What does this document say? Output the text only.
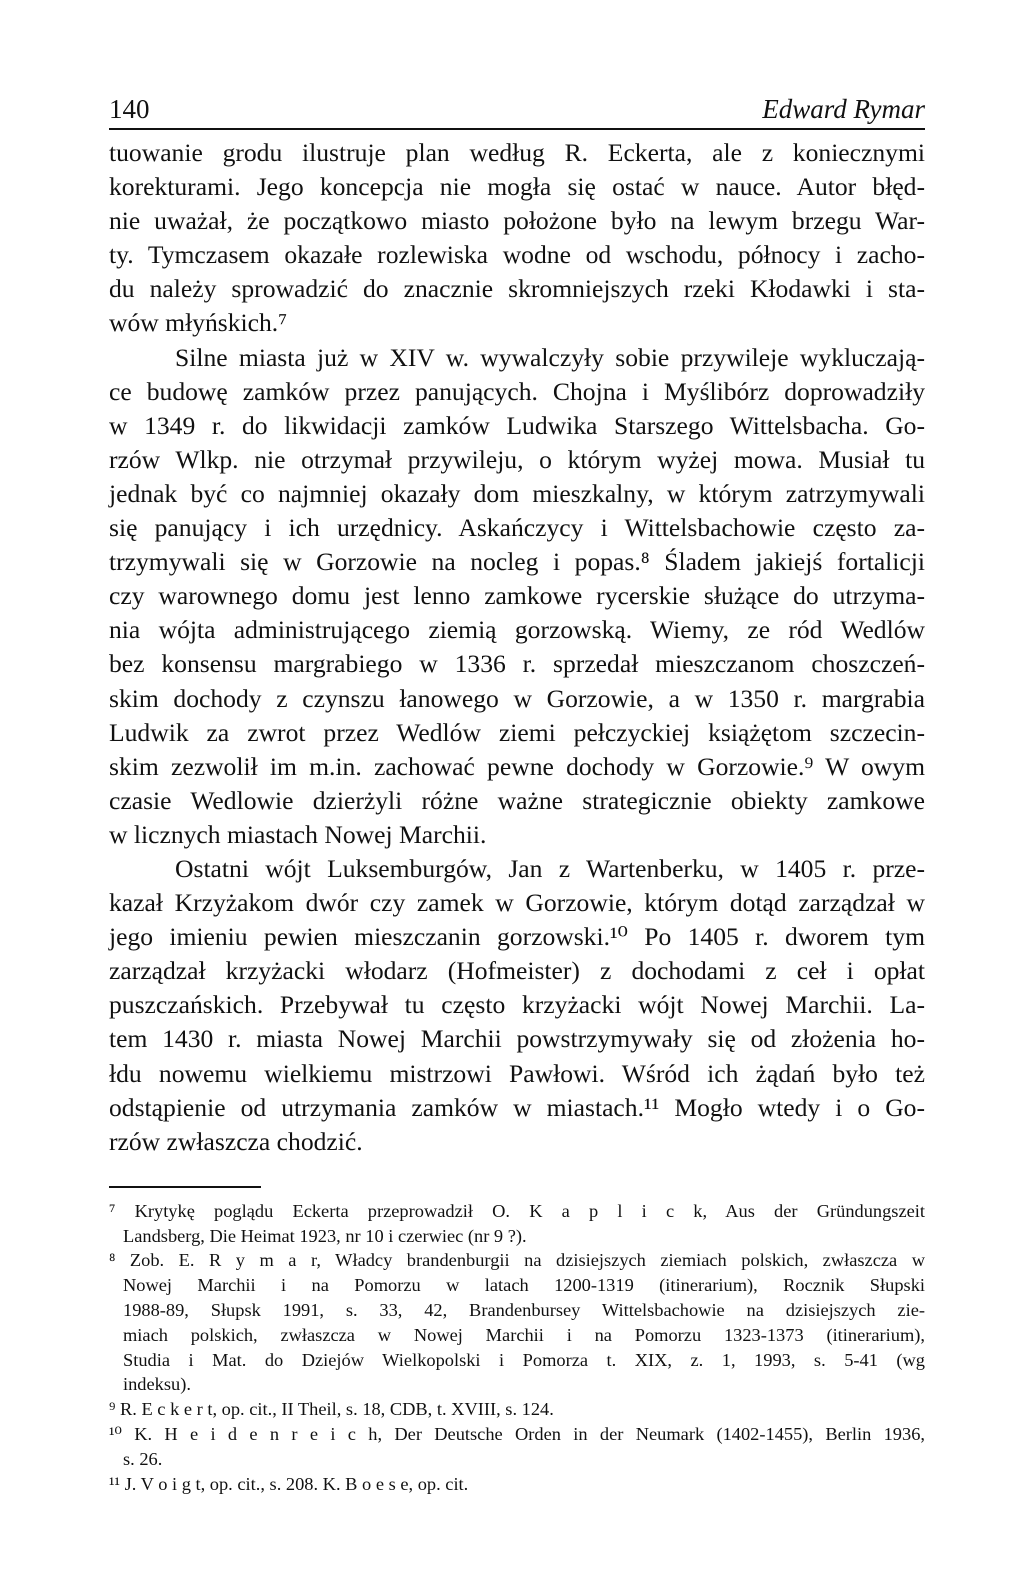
140	Edward Rymar
tuowanie grodu ilustruje plan według R. Eckerta, ale z koniecznymi
korekturami. Jego koncepcja nie mogła się ostać w nauce. Autor błęd-
nie uważał, że początkowo miasto położone było na lewym brzegu War-
ty. Tymczasem okazałe rozlewiska wodne od wschodu, północy i zacho-
du należy sprowadzić do znacznie skromniejszych rzeki Kłodawki i sta-
wów młyńskich.⁷
Silne miasta już w XIV w. wywalczyły sobie przywileje wykluczają-
ce budowę zamków przez panujących. Chojna i Myślibórz doprowadziły
w 1349 r. do likwidacji zamków Ludwika Starszego Wittelsbacha. Go-
rzów Wlkp. nie otrzymał przywileju, o którym wyżej mowa. Musiał tu
jednak być co najmniej okazały dom mieszkalny, w którym zatrzymywali
się panujący i ich urzędnicy. Askańczycy i Wittelsbachowie często za-
trzymywali się w Gorzowie na nocleg i popas.⁸ Śladem jakiejś fortalicji
czy warownego domu jest lenno zamkowe rycerskie służące do utrzyma-
nia wójta administrującego ziemią gorzowską. Wiemy, ze ród Wedlów
bez konsensu margrabiego w 1336 r. sprzedał mieszczanom choszczeń-
skim dochody z czynszu łanowego w Gorzowie, a w 1350 r. margrabia
Ludwik za zwrot przez Wedlów ziemi pełczyckiej książętom szczecin-
skim zezwolił im m.in. zachować pewne dochody w Gorzowie.⁹ W owym
czasie Wedlowie dzierżyli różne ważne strategicznie obiekty zamkowe
w licznych miastach Nowej Marchii.
Ostatni wójt Luksemburgów, Jan z Wartenberku, w 1405 r. prze-
kazał Krzyżakom dwór czy zamek w Gorzowie, którym dotąd zarządzał w
jego imieniu pewien mieszczanin gorzowski.¹⁰ Po 1405 r. dworem tym
zarządzał krzyżacki włodarz (Hofmeister) z dochodami z ceł i opłat
puszczańskich. Przebywał tu często krzyżacki wójt Nowej Marchii. La-
tem 1430 r. miasta Nowej Marchii powstrzymywały się od złożenia ho-
łdu nowemu wielkiemu mistrzowi Pawłowi. Wśród ich żądań było też
odstąpienie od utrzymania zamków w miastach.¹¹ Mogło wtedy i o Go-
rzów zwłaszcza chodzić.
⁷ Krytykę poglądu Eckerta przeprowadził O. K a p l i c k, Aus der Gründungszeit
Landsberg, Die Heimat 1923, nr 10 i czerwiec (nr 9 ?).
⁸ Zob. E. R y m a r, Władcy brandenburgii na dzisiejszych ziemiach polskich, zwłaszcza w
Nowej Marchii i na Pomorzu w latach 1200-1319 (itinerarium), Rocznik Słupski
1988-89, Słupsk 1991, s. 33, 42, Brandenbursey Wittelsbachowie na dzisiejszych zie-
miach polskich, zwłaszcza w Nowej Marchii i na Pomorzu 1323-1373 (itinerarium),
Studia i Mat. do Dziejów Wielkopolski i Pomorza t. XIX, z. 1, 1993, s. 5-41 (wg
indeksu).
⁹ R. E c k e r t, op. cit., II Theil, s. 18, CDB, t. XVIII, s. 124.
¹⁰ K. H e i d e n r e i c h, Der Deutsche Orden in der Neumark (1402-1455), Berlin 1936,
s. 26.
¹¹ J. V o i g t, op. cit., s. 208. K. B o e s e, op. cit.
